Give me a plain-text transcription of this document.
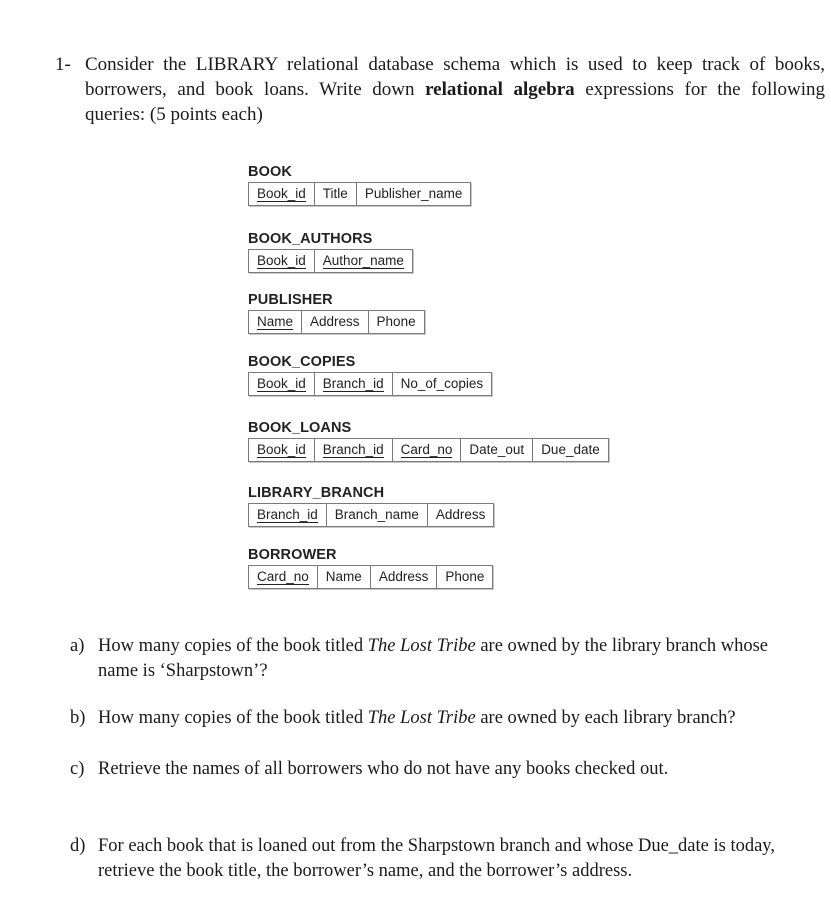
1- Consider the LIBRARY relational database schema which is used to keep track of books, borrowers, and book loans. Write down relational algebra expressions for the following queries: (5 points each)

BOOK
Book_id	Title	Publisher_name
BOOK_AUTHORS
Book_id	Author_name
PUBLISHER
Name	Address	Phone
BOOK_COPIES
Book_id	Branch_id	No_of_copies
BOOK_LOANS
Book_id	Branch_id	Card_no	Date_out	Due_date
LIBRARY_BRANCH
Branch_id	Branch_name	Address
BORROWER
Card_no	Name	Address	Phone

a) How many copies of the book titled The Lost Tribe are owned by the library branch whose name is ‘Sharpstown’?

b) How many copies of the book titled The Lost Tribe are owned by each library branch?

c) Retrieve the names of all borrowers who do not have any books checked out.

d) For each book that is loaned out from the Sharpstown branch and whose Due_date is today, retrieve the book title, the borrower’s name, and the borrower’s address.
